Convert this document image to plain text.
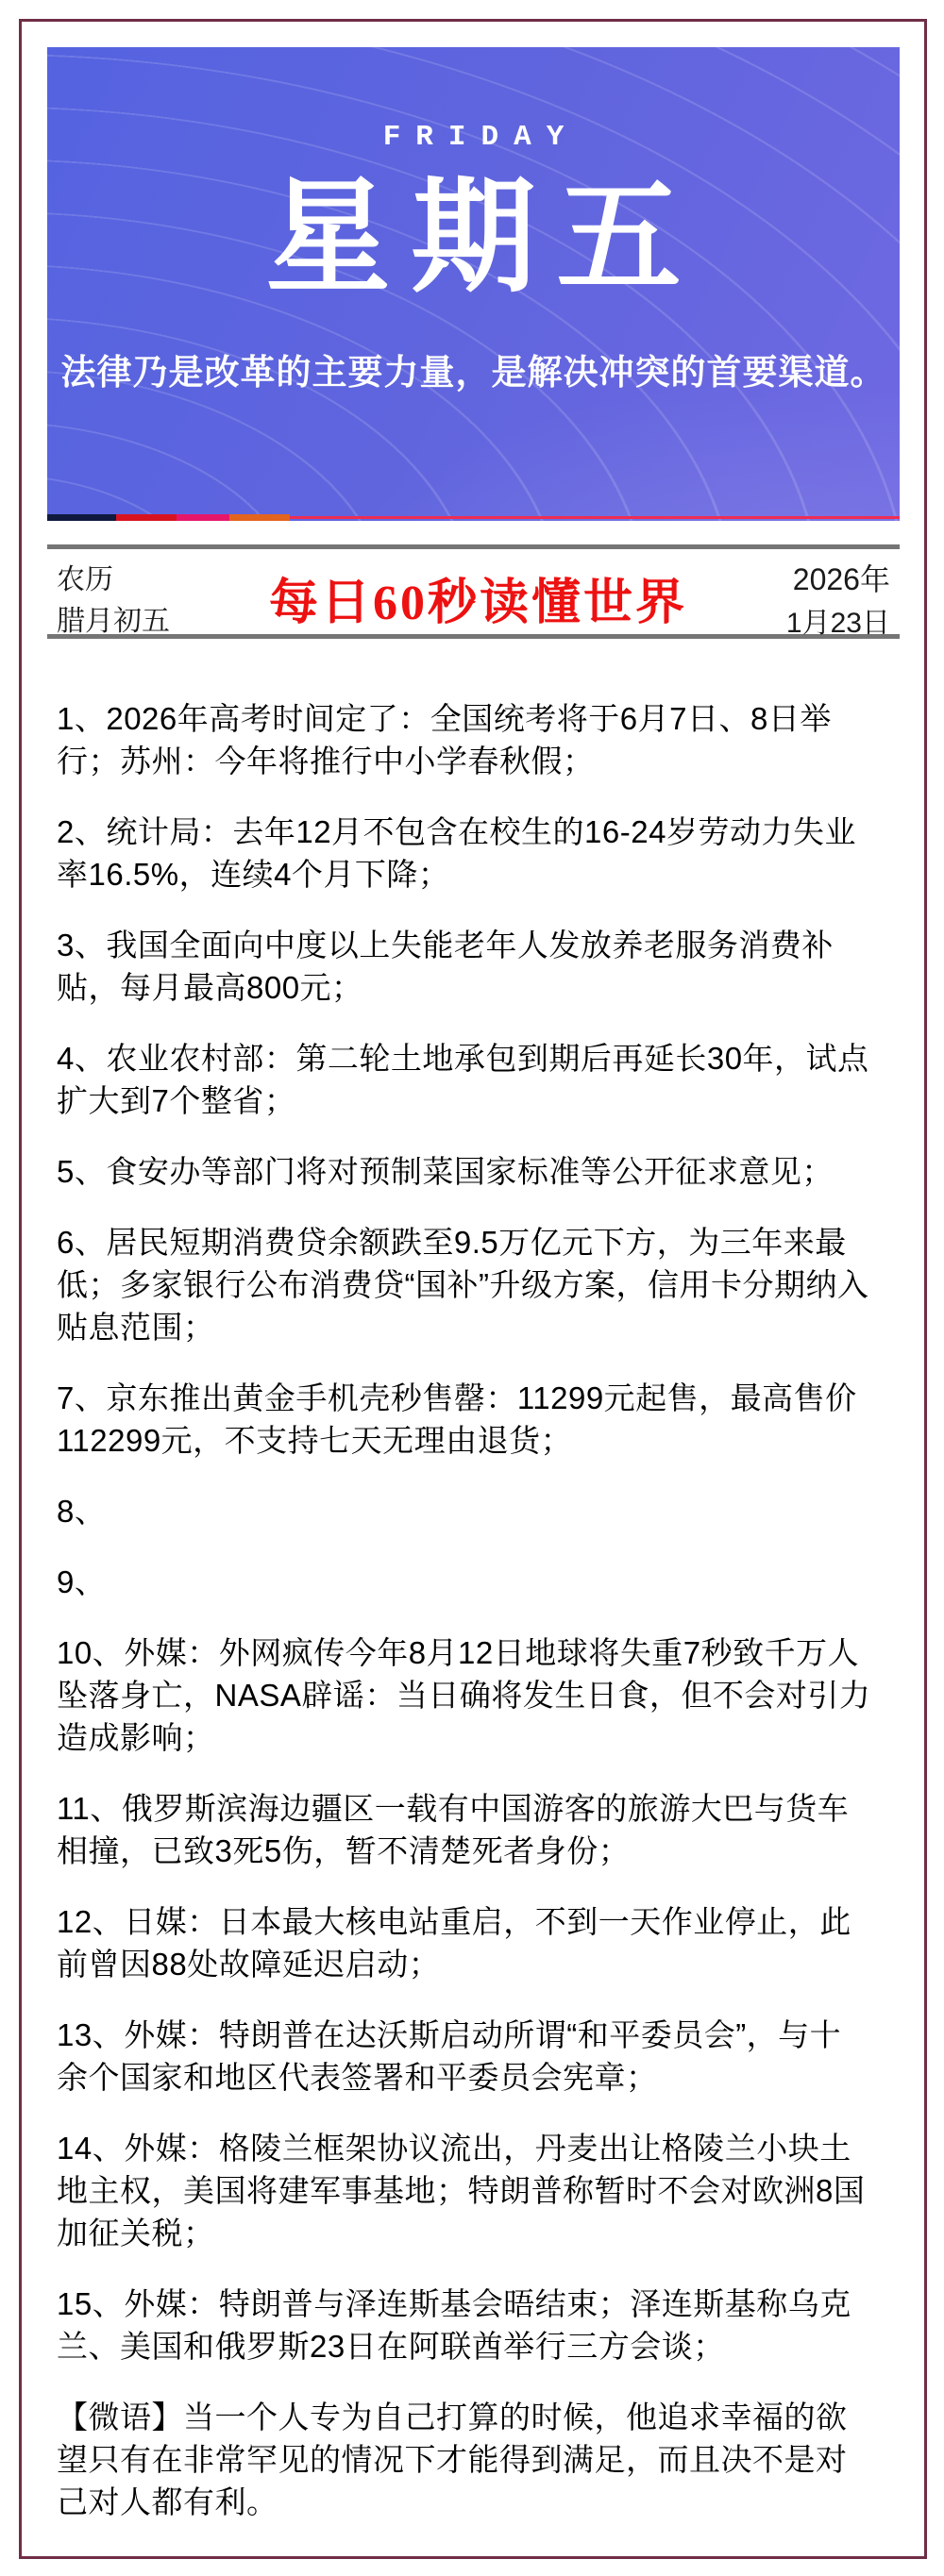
FRIDAY
星期五
法律乃是改革的主要力量，是解决冲突的首要渠道。
农历
腊月初五 每日60秒读懂世界	2026年
1月23日

1、2026年高考时间定了：全国统考将于6月7日、8日举行；苏州：今年将推行中小学春秋假；

2、统计局：去年12月不包含在校生的16-24岁劳动力失业率16.5%，连续4个月下降；

3、我国全面向中度以上失能老年人发放养老服务消费补贴，每月最高800元；

4、农业农村部：第二轮土地承包到期后再延长30年，试点扩大到7个整省；

5、食安办等部门将对预制菜国家标准等公开征求意见；

6、居民短期消费贷余额跌至9.5万亿元下方，为三年来最低；多家银行公布消费贷“国补”升级方案，信用卡分期纳入贴息范围；

7、京东推出黄金手机壳秒售罄：11299元起售，最高售价112299元，不支持七天无理由退货；

8、

9、

10、外媒：外网疯传今年8月12日地球将失重7秒致千万人坠落身亡，NASA辟谣：当日确将发生日食，但不会对引力造成影响；

11、俄罗斯滨海边疆区一载有中国游客的旅游大巴与货车相撞，已致3死5伤，暂不清楚死者身份；

12、日媒：日本最大核电站重启，不到一天作业停止，此前曾因88处故障延迟启动；

13、外媒：特朗普在达沃斯启动所谓“和平委员会”，与十余个国家和地区代表签署和平委员会宪章；

14、外媒：格陵兰框架协议流出，丹麦出让格陵兰小块土地主权，美国将建军事基地；特朗普称暂时不会对欧洲8国加征关税；

15、外媒：特朗普与泽连斯基会晤结束；泽连斯基称乌克兰、美国和俄罗斯23日在阿联酋举行三方会谈；

【微语】当一个人专为自己打算的时候，他追求幸福的欲望只有在非常罕见的情况下才能得到满足，而且决不是对己对人都有利。
